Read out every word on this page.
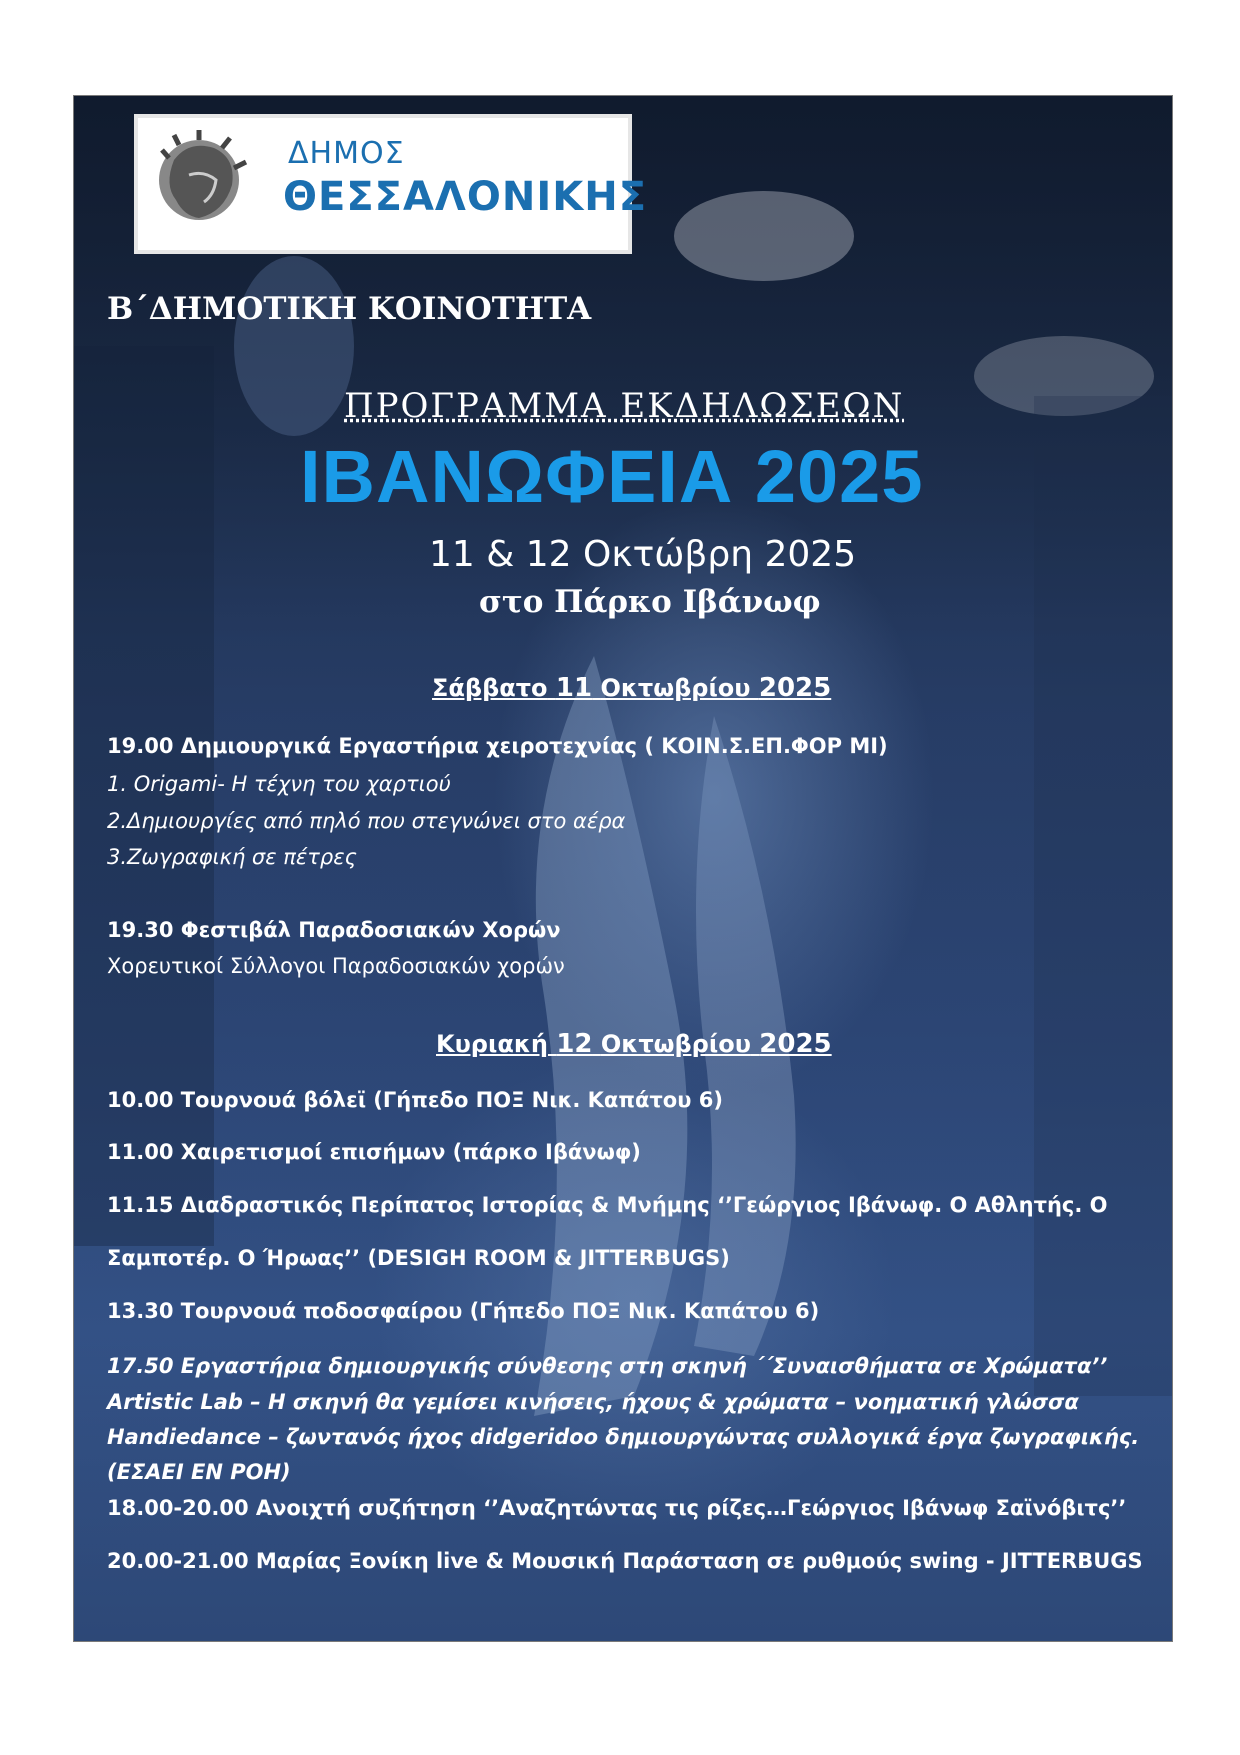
ΔΗΜΟΣ
ΘΕΣΣΑΛΟΝΙΚΗΣ
Β΄ΔΗΜΟΤΙΚΗ ΚΟΙΝΟΤΗΤΑ
ΠΡΟΓΡΑΜΜΑ ΕΚΔΗΛΩΣΕΩΝ
ΙΒΑΝΩΦΕΙΑ 2025
11 & 12 Οκτώβρη 2025
στο Πάρκο Ιβάνωφ
Σάββατο 11 Οκτωβρίου 2025
19.00 Δημιουργικά Εργαστήρια χειροτεχνίας ( ΚΟΙΝ.Σ.ΕΠ.ΦΟΡ ΜΙ)
1. Origami- Η τέχνη του χαρτιού
2.Δημιουργίες από πηλό που στεγνώνει στο αέρα
3.Ζωγραφική σε πέτρες
19.30 Φεστιβάλ Παραδοσιακών Χορών
Χορευτικοί Σύλλογοι Παραδοσιακών χορών
Κυριακή 12 Οκτωβρίου 2025
10.00 Τουρνουά βόλεϊ (Γήπεδο ΠΟΞ Νικ. Καπάτου 6)
11.00 Χαιρετισμοί επισήμων (πάρκο Ιβάνωφ)
11.15 Διαδραστικός Περίπατος Ιστορίας & Μνήμης ‘’Γεώργιος Ιβάνωφ. Ο Αθλητής. Ο
Σαμποτέρ. Ο Ήρωας’’ (DESIGH ROOM & JITTERBUGS)
13.30 Τουρνουά ποδοσφαίρου (Γήπεδο ΠΟΞ Νικ. Καπάτου 6)
17.50 Εργαστήρια δημιουργικής σύνθεσης στη σκηνή ΄΄Συναισθήματα σε Χρώματα’’
Artistic Lab – Η σκηνή θα γεμίσει κινήσεις, ήχους & χρώματα – νοηματική γλώσσα
Handiedance – ζωντανός ήχος didgeridoo δημιουργώντας συλλογικά έργα ζωγραφικής.
(ΕΣΑΕΙ ΕΝ ΡΟΗ)
18.00-20.00 Ανοιχτή συζήτηση ‘’Αναζητώντας τις ρίζες…Γεώργιος Ιβάνωφ Σαϊνόβιτς’’
20.00-21.00 Μαρίας Ξονίκη live & Μουσική Παράσταση σε ρυθμούς swing - JITTERBUGS
